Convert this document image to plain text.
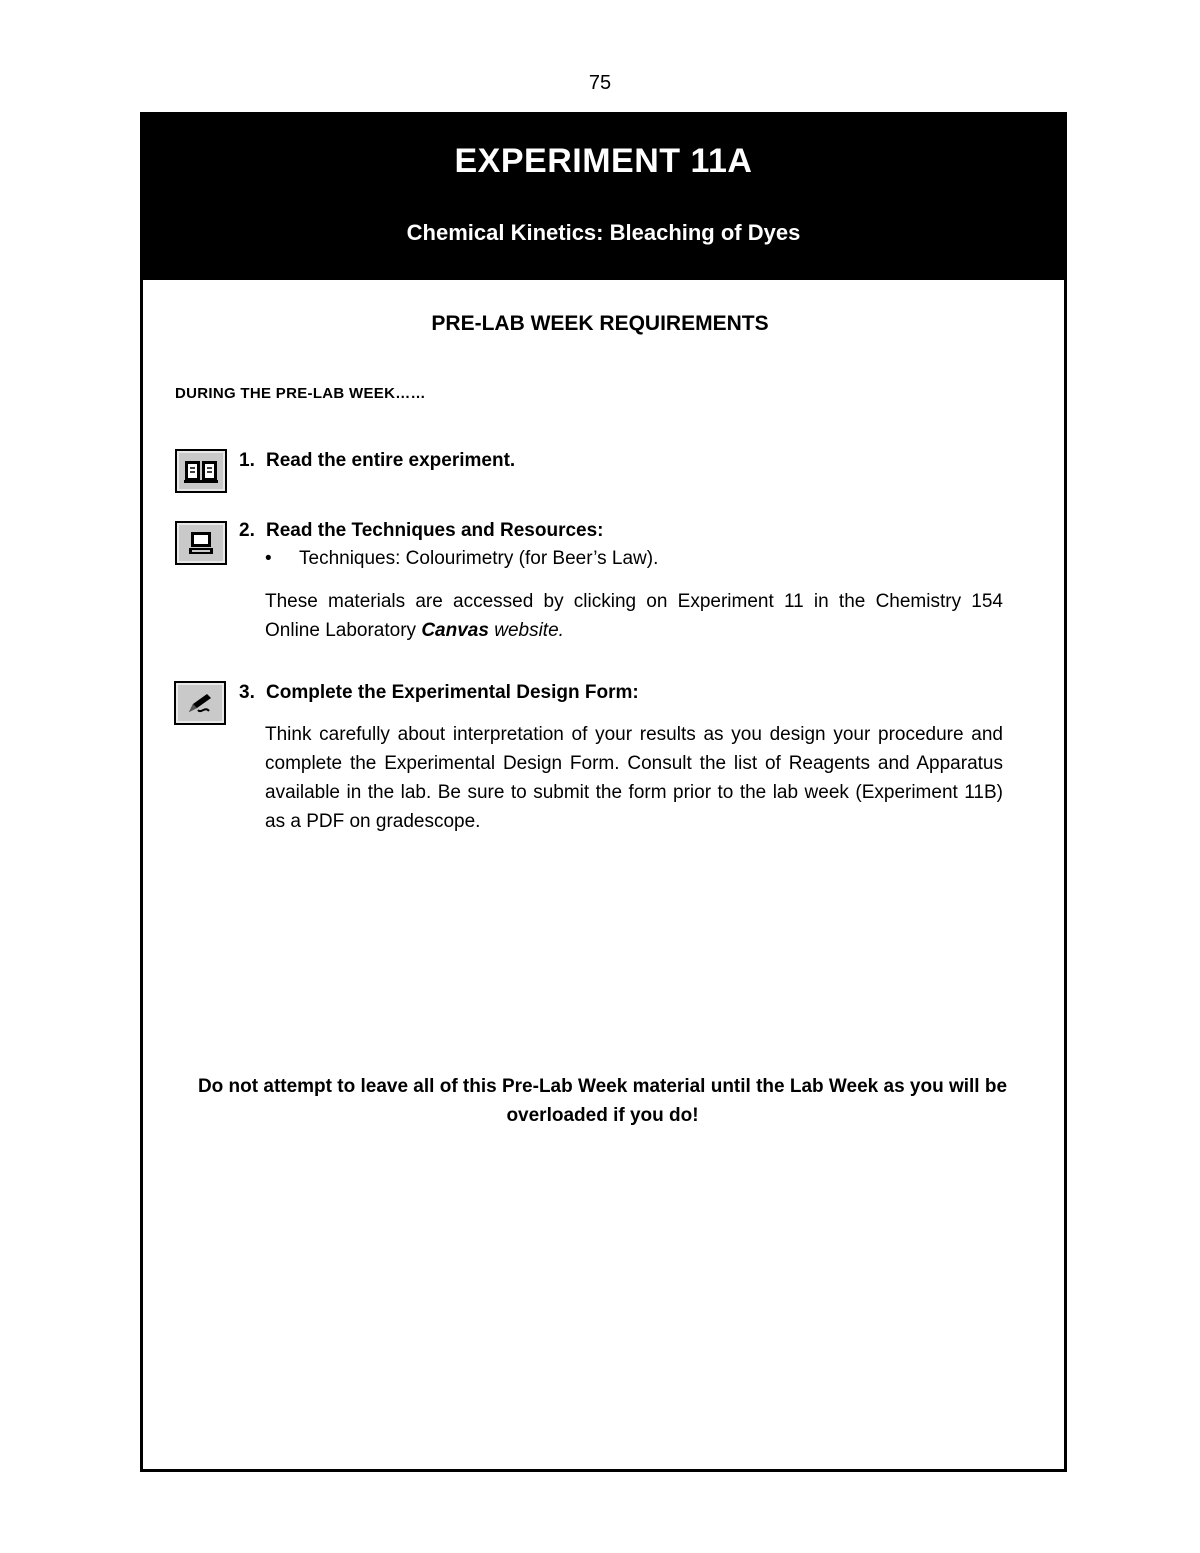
75
EXPERIMENT 11A
Chemical Kinetics: Bleaching of Dyes
PRE-LAB WEEK REQUIREMENTS
DURING THE PRE-LAB WEEK……
1. Read the entire experiment.
2. Read the Techniques and Resources:
• Techniques: Colourimetry (for Beer’s Law).
These materials are accessed by clicking on Experiment 11 in the Chemistry 154 Online Laboratory Canvas website.
3. Complete the Experimental Design Form:
Think carefully about interpretation of your results as you design your procedure and complete the Experimental Design Form. Consult the list of Reagents and Apparatus available in the lab. Be sure to submit the form prior to the lab week (Experiment 11B) as a PDF on gradescope.
Do not attempt to leave all of this Pre-Lab Week material until the Lab Week as you will be overloaded if you do!
